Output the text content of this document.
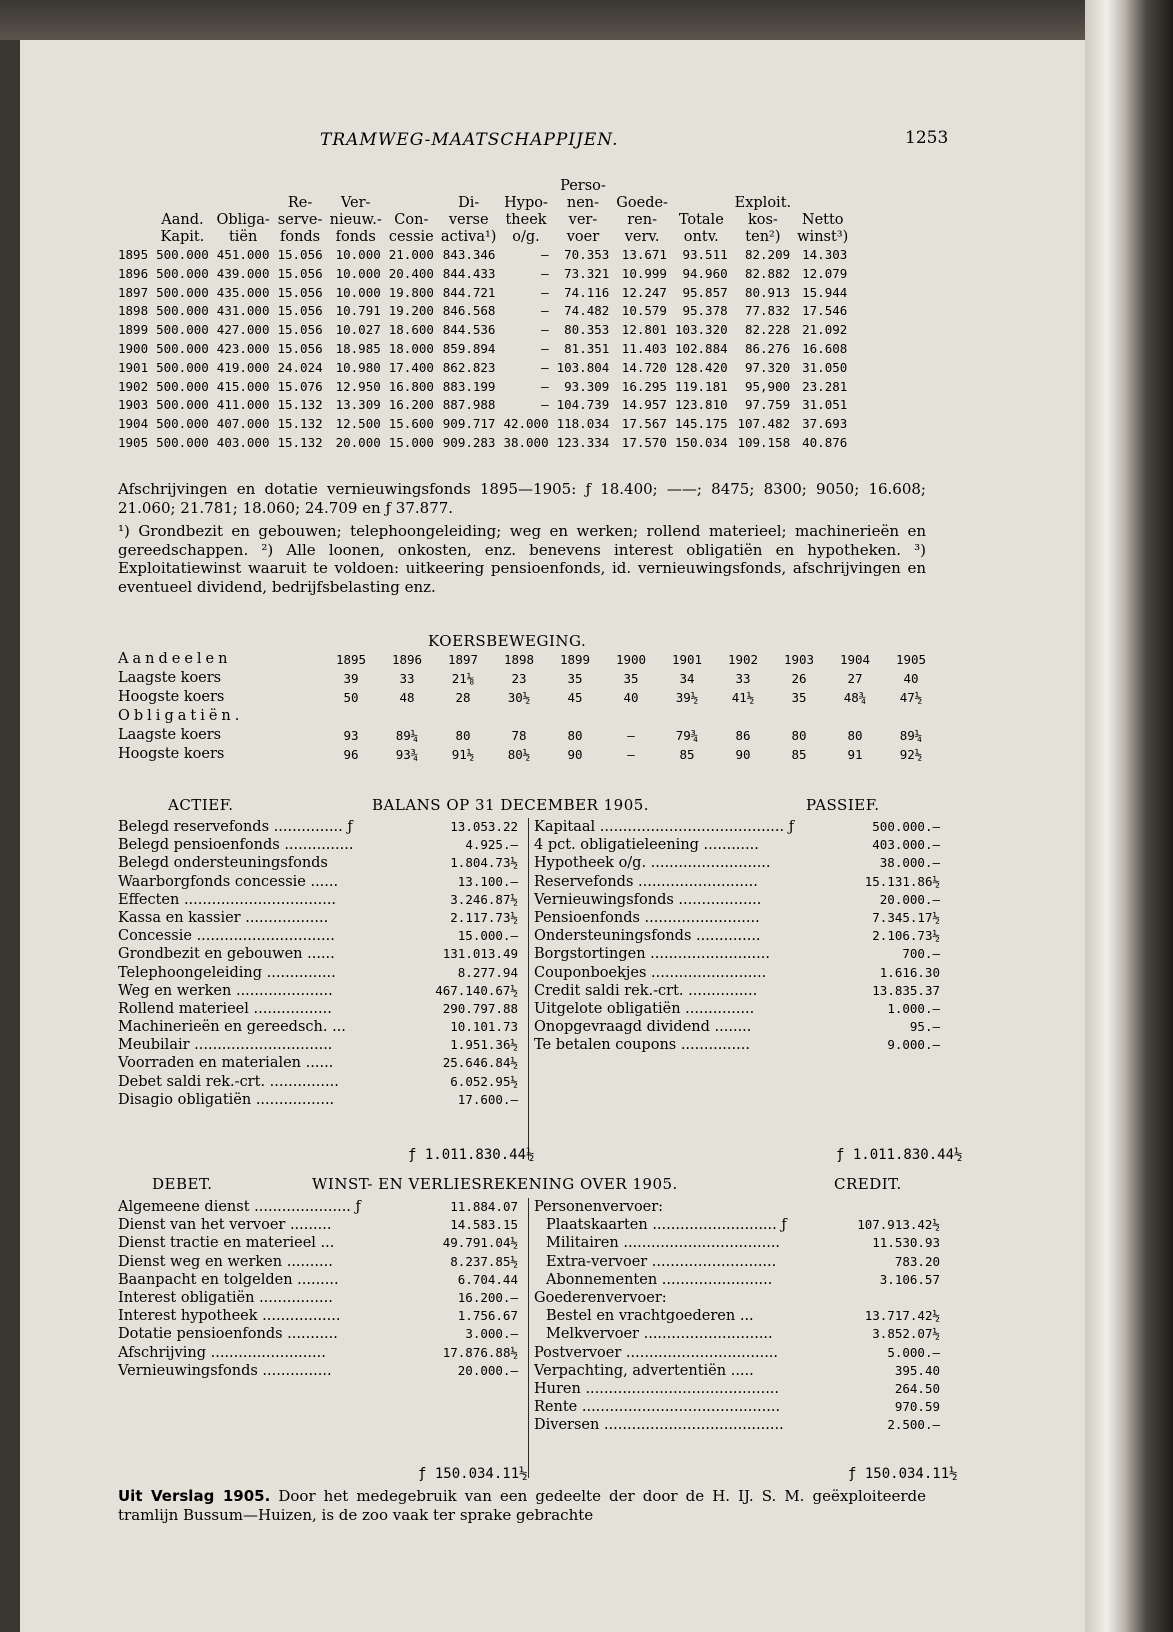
TRAMWEG-MAATSCHAPPIJEN.	1253
								Perso-				
			Re-	Ver-		Di-	Hypo-	nen-	Goede-		Exploit.	
	Aand.	Obliga-	serve-	nieuw.-	Con-	verse	theek	ver-	ren-	Totale	kos-	Netto
	Kapit.	tiën	fonds	fonds	cessie	activa¹)	o/g.	voer	verv.	ontv.	ten²)	winst³)
1895	500.000	451.000	15.056	10.000	21.000	843.346	—	70.353	13.671	93.511	82.209	14.303
1896	500.000	439.000	15.056	10.000	20.400	844.433	—	73.321	10.999	94.960	82.882	12.079
1897	500.000	435.000	15.056	10.000	19.800	844.721	—	74.116	12.247	95.857	80.913	15.944
1898	500.000	431.000	15.056	10.791	19.200	846.568	—	74.482	10.579	95.378	77.832	17.546
1899	500.000	427.000	15.056	10.027	18.600	844.536	—	80.353	12.801	103.320	82.228	21.092
1900	500.000	423.000	15.056	18.985	18.000	859.894	—	81.351	11.403	102.884	86.276	16.608
1901	500.000	419.000	24.024	10.980	17.400	862.823	—	103.804	14.720	128.420	97.320	31.050
1902	500.000	415.000	15.076	12.950	16.800	883.199	—	93.309	16.295	119.181	95,900	23.281
1903	500.000	411.000	15.132	13.309	16.200	887.988	—	104.739	14.957	123.810	97.759	31.051
1904	500.000	407.000	15.132	12.500	15.600	909.717	42.000	118.034	17.567	145.175	107.482	37.693
1905	500.000	403.000	15.132	20.000	15.000	909.283	38.000	123.334	17.570	150.034	109.158	40.876
Afschrijvingen en dotatie vernieuwingsfonds 1895—1905: ƒ 18.400; ——; 8475; 8300; 9050; 16.608; 21.060; 21.781; 18.060; 24.709 en ƒ 37.877.
¹) Grondbezit en gebouwen; telephoongeleiding; weg en werken; rollend materieel; machinerieën en gereedschappen. ²) Alle loonen, onkosten, enz. benevens interest obligatiën en hypotheken. ³) Exploitatiewinst waaruit te voldoen: uitkeering pensioenfonds, id. vernieuwingsfonds, afschrijvingen en eventueel dividend, bedrijfsbelasting enz.
KOERSBEWEGING.
Aandeelen	1895	1896	1897	1898	1899	1900	1901	1902	1903	1904	1905
Laagste koers	39	33	21⅛	23	35	35	34	33	26	27	40
Hoogste koers	50	48	28	30½	45	40	39½	41½	35	48¾	47½
Obligatiën.											
Laagste koers	93	89¼	80	78	80	—	79¾	86	80	80	89¼
Hoogste koers	96	93¾	91½	80½	90	—	85	90	85	91	92½
ACTIEF.	BALANS OP 31 DECEMBER 1905.	PASSIEF.
Belegd reservefonds ............... ƒ	13.053.22
Belegd pensioenfonds ...............	4.925.—
Belegd ondersteuningsfonds	1.804.73½
Waarborgfonds concessie ......	13.100.—
Effecten .................................	3.246.87½
Kassa en kassier ..................	2.117.73½
Concessie ..............................	15.000.—
Grondbezit en gebouwen ......	131.013.49
Telephoongeleiding ...............	8.277.94
Weg en werken .....................	467.140.67½
Rollend materieel .................	290.797.88
Machinerieën en gereedsch. ...	10.101.73
Meubilair ..............................	1.951.36½
Voorraden en materialen ......	25.646.84½
Debet saldi rek.-crt. ...............	6.052.95½
Disagio obligatiën .................	17.600.—
Kapitaal ........................................ ƒ	500.000.—
4 pct. obligatieleening ............	403.000.—
Hypotheek o/g. ..........................	38.000.—
Reservefonds ..........................	15.131.86½
Vernieuwingsfonds ..................	20.000.—
Pensioenfonds .........................	7.345.17½
Ondersteuningsfonds ..............	2.106.73½
Borgstortingen ..........................	700.—
Couponboekjes .........................	1.616.30
Credit saldi rek.-crt. ...............	13.835.37
Uitgelote obligatiën ...............	1.000.—
Onopgevraagd dividend ........	95.—
Te betalen coupons ...............	9.000.—
ƒ 1.011.830.44½	ƒ 1.011.830.44½
DEBET.	WINST- EN VERLIESREKENING OVER 1905.	CREDIT.
Algemeene dienst ..................... ƒ	11.884.07
Dienst van het vervoer .........	14.583.15
Dienst tractie en materieel ...	49.791.04½
Dienst weg en werken ..........	8.237.85½
Baanpacht en tolgelden .........	6.704.44
Interest obligatiën ................	16.200.—
Interest hypotheek .................	1.756.67
Dotatie pensioenfonds ...........	3.000.—
Afschrijving .........................	17.876.88½
Vernieuwingsfonds ...............	20.000.—
Personenvervoer:
Plaatskaarten ........................... ƒ	107.913.42½
Militairen ..................................	11.530.93
Extra-vervoer ...........................	783.20
Abonnementen ........................	3.106.57
Goederenvervoer:
Bestel en vrachtgoederen ...	13.717.42½
Melkvervoer ............................	3.852.07½
Postvervoer .................................	5.000.—
Verpachting, advertentiën .....	395.40
Huren ..........................................	264.50
Rente ...........................................	970.59
Diversen .......................................	2.500.—
ƒ 150.034.11½	ƒ 150.034.11½
Uit Verslag 1905. Door het medegebruik van een gedeelte der door de H. IJ. S. M. geëxploiteerde tramlijn Bussum—Huizen, is de zoo vaak ter sprake gebrachte
